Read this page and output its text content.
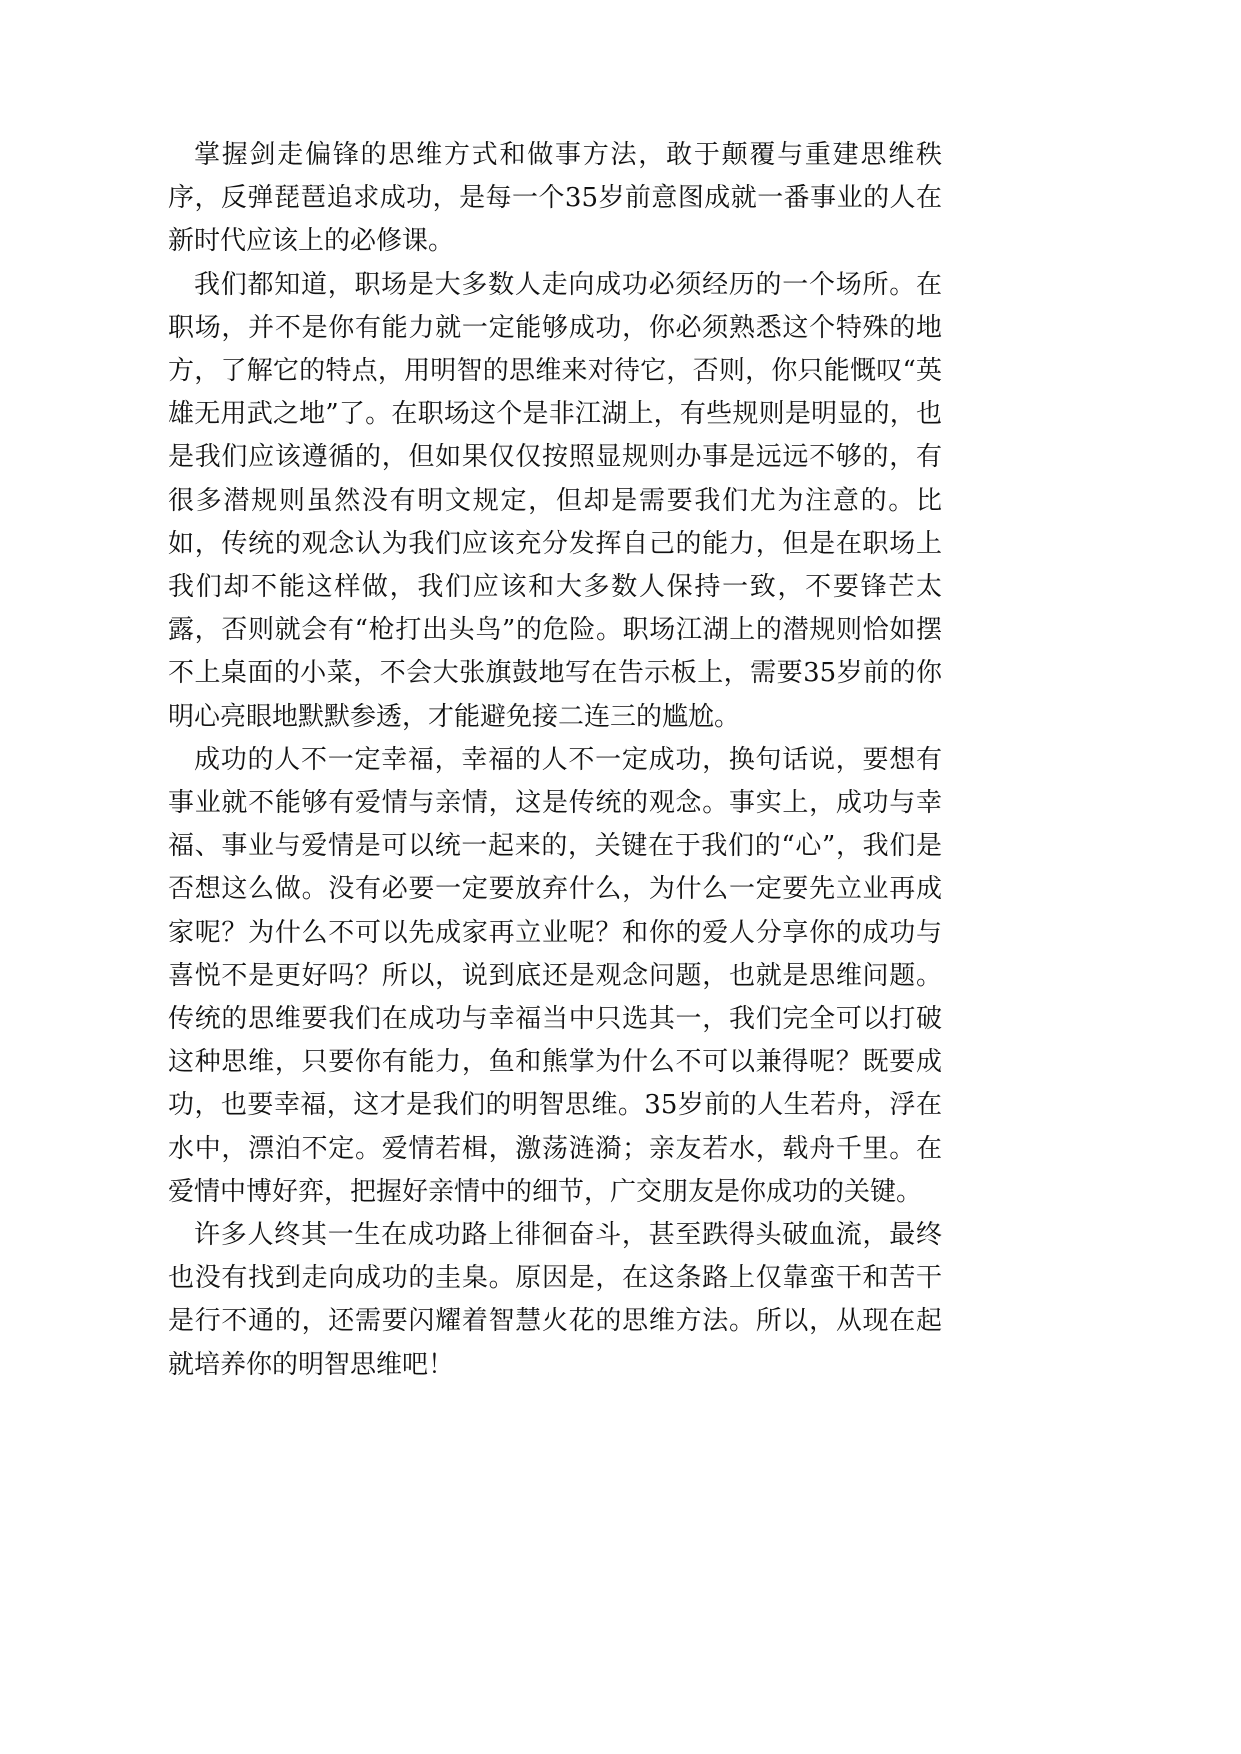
掌握剑走偏锋的思维方式和做事方法，敢于颠覆与重建思维秩序，反弹琵琶追求成功，是每一个35岁前意图成就一番事业的人在新时代应该上的必修课。

我们都知道，职场是大多数人走向成功必须经历的一个场所。在职场，并不是你有能力就一定能够成功，你必须熟悉这个特殊的地方，了解它的特点，用明智的思维来对待它，否则，你只能慨叹“英雄无用武之地”了。在职场这个是非江湖上，有些规则是明显的，也是我们应该遵循的，但如果仅仅按照显规则办事是远远不够的，有很多潜规则虽然没有明文规定，但却是需要我们尤为注意的。比如，传统的观念认为我们应该充分发挥自己的能力，但是在职场上我们却不能这样做，我们应该和大多数人保持一致，不要锋芒太露，否则就会有“枪打出头鸟”的危险。职场江湖上的潜规则恰如摆不上桌面的小菜，不会大张旗鼓地写在告示板上，需要35岁前的你明心亮眼地默默参透，才能避免接二连三的尴尬。

成功的人不一定幸福，幸福的人不一定成功，换句话说，要想有事业就不能够有爱情与亲情，这是传统的观念。事实上，成功与幸福、事业与爱情是可以统一起来的，关键在于我们的“心”，我们是否想这么做。没有必要一定要放弃什么，为什么一定要先立业再成家呢？为什么不可以先成家再立业呢？和你的爱人分享你的成功与喜悦不是更好吗？所以，说到底还是观念问题，也就是思维问题。传统的思维要我们在成功与幸福当中只选其一，我们完全可以打破这种思维，只要你有能力，鱼和熊掌为什么不可以兼得呢？既要成功，也要幸福，这才是我们的明智思维。35岁前的人生若舟，浮在水中，漂泊不定。爱情若楫，激荡涟漪；亲友若水，载舟千里。在爱情中博好弈，把握好亲情中的细节，广交朋友是你成功的关键。

许多人终其一生在成功路上徘徊奋斗，甚至跌得头破血流，最终也没有找到走向成功的圭臬。原因是，在这条路上仅靠蛮干和苦干是行不通的，还需要闪耀着智慧火花的思维方法。所以，从现在起就培养你的明智思维吧！
